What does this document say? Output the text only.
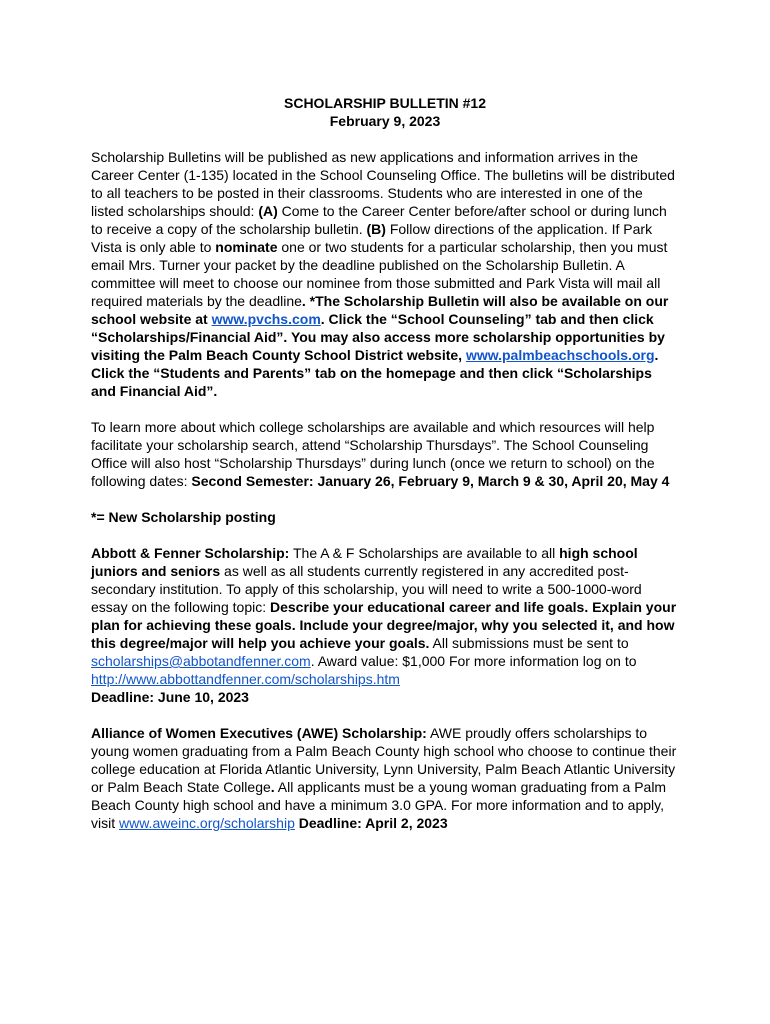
SCHOLARSHIP BULLETIN #12
February 9, 2023

Scholarship Bulletins will be published as new applications and information arrives in the Career Center (1-135) located in the School Counseling Office. The bulletins will be distributed to all teachers to be posted in their classrooms. Students who are interested in one of the listed scholarships should: (A) Come to the Career Center before/after school or during lunch to receive a copy of the scholarship bulletin. (B) Follow directions of the application. If Park Vista is only able to nominate one or two students for a particular scholarship, then you must email Mrs. Turner your packet by the deadline published on the Scholarship Bulletin. A committee will meet to choose our nominee from those submitted and Park Vista will mail all required materials by the deadline. *The Scholarship Bulletin will also be available on our school website at www.pvchs.com. Click the “School Counseling” tab and then click “Scholarships/Financial Aid”. You may also access more scholarship opportunities by visiting the Palm Beach County School District website, www.palmbeachschools.org. Click the “Students and Parents” tab on the homepage and then click “Scholarships and Financial Aid”.

To learn more about which college scholarships are available and which resources will help facilitate your scholarship search, attend “Scholarship Thursdays”. The School Counseling Office will also host “Scholarship Thursdays” during lunch (once we return to school) on the following dates: Second Semester: January 26, February 9, March 9 & 30, April 20, May 4

*= New Scholarship posting

Abbott & Fenner Scholarship: The A & F Scholarships are available to all high school juniors and seniors as well as all students currently registered in any accredited post-secondary institution. To apply of this scholarship, you will need to write a 500-1000-word essay on the following topic: Describe your educational career and life goals. Explain your plan for achieving these goals. Include your degree/major, why you selected it, and how this degree/major will help you achieve your goals. All submissions must be sent to scholarships@abbotandfenner.com. Award value: $1,000 For more information log on to http://www.abbottandfenner.com/scholarships.htm
Deadline: June 10, 2023

Alliance of Women Executives (AWE) Scholarship: AWE proudly offers scholarships to young women graduating from a Palm Beach County high school who choose to continue their college education at Florida Atlantic University, Lynn University, Palm Beach Atlantic University or Palm Beach State College. All applicants must be a young woman graduating from a Palm Beach County high school and have a minimum 3.0 GPA. For more information and to apply, visit www.aweinc.org/scholarship Deadline: April 2, 2023
